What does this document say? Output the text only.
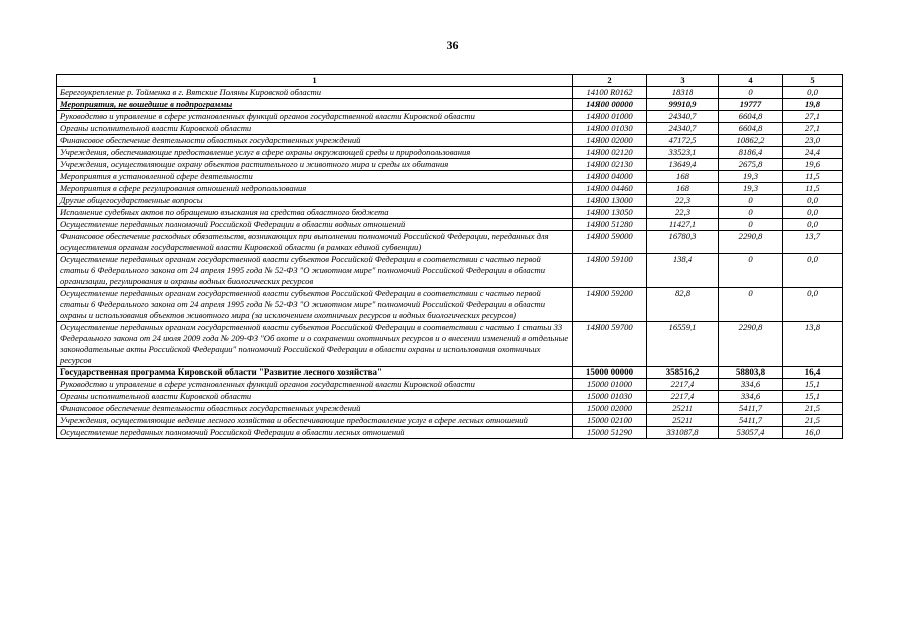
36
1	2	3	4	5
Берегоукрепление р. Тойменка в г. Вятские Поляны Кировской области	14100 R0162	18318	0	0,0
Мероприятия, не вошедшие в подпрограммы	14Я00 00000	99910,9	19777	19,8
Руководство и управление в сфере установленных функций органов государственной власти Кировской области	14Я00 01000	24340,7	6604,8	27,1
Органы исполнительной власти Кировской области	14Я00 01030	24340,7	6604,8	27,1
Финансовое обеспечение деятельности областных государственных учреждений	14Я00 02000	47172,5	10862,2	23,0
Учреждения, обеспечивающие предоставление услуг в сфере охраны окружающей среды и природопользования	14Я00 02120	33523,1	8186,4	24,4
Учреждения, осуществляющие охрану объектов растительного и животного мира и среды их обитания	14Я00 02130	13649,4	2675,8	19,6
Мероприятия в установленной сфере деятельности	14Я00 04000	168	19,3	11,5
Мероприятия в сфере регулирования отношений недропользования	14Я00 04460	168	19,3	11,5
Другие общегосударственные вопросы	14Я00 13000	22,3	0	0,0
Исполнение судебных актов по обращению взыскания на средства областного бюджета	14Я00 13050	22,3	0	0,0
Осуществление переданных полномочий Российской Федерации в области водных отношений	14Я00 51280	11427,1	0	0,0
Финансовое обеспечение расходных обязательств, возникающих при выполнении полномочий Российской Федерации, переданных для осуществления органам государственной власти Кировской области (в рамках единой субвенции)	14Я00 59000	16780,3	2290,8	13,7
Осуществление переданных органам государственной власти субъектов Российской Федерации в соответствии с частью первой статьи 6 Федерального закона от 24 апреля 1995 года № 52-ФЗ "О животном мире" полномочий Российской Федерации в области организации, регулирования и охраны водных биологических ресурсов	14Я00 59100	138,4	0	0,0
Осуществление переданных органам государственной власти субъектов Российской Федерации в соответствии с частью первой статьи 6 Федерального закона от 24 апреля 1995 года № 52-ФЗ "О животном мире" полномочий Российской Федерации в области охраны и использования объектов животного мира (за исключением охотничьих ресурсов и водных биологических ресурсов)	14Я00 59200	82,8	0	0,0
Осуществление переданных органам государственной власти субъектов Российской Федерации в соответствии с частью 1 статьи 33 Федерального закона от 24 июля 2009 года № 209-ФЗ "Об охоте и о сохранении охотничьих ресурсов и о внесении изменений в отдельные законодательные акты Российской Федерации" полномочий Российской Федерации в области охраны и использования охотничьих ресурсов	14Я00 59700	16559,1	2290,8	13,8
Государственная программа Кировской области "Развитие лесного хозяйства"	15000 00000	358516,2	58803,8	16,4
Руководство и управление в сфере установленных функций органов государственной власти Кировской области	15000 01000	2217,4	334,6	15,1
Органы исполнительной власти Кировской области	15000 01030	2217,4	334,6	15,1
Финансовое обеспечение деятельности областных государственных учреждений	15000 02000	25211	5411,7	21,5
Учреждения, осуществляющие ведение лесного хозяйства и обеспечивающие предоставление услуг в сфере лесных отношений	15000 02100	25211	5411,7	21,5
Осуществление переданных полномочий Российской Федерации в области лесных отношений	15000 51290	331087,8	53057,4	16,0
